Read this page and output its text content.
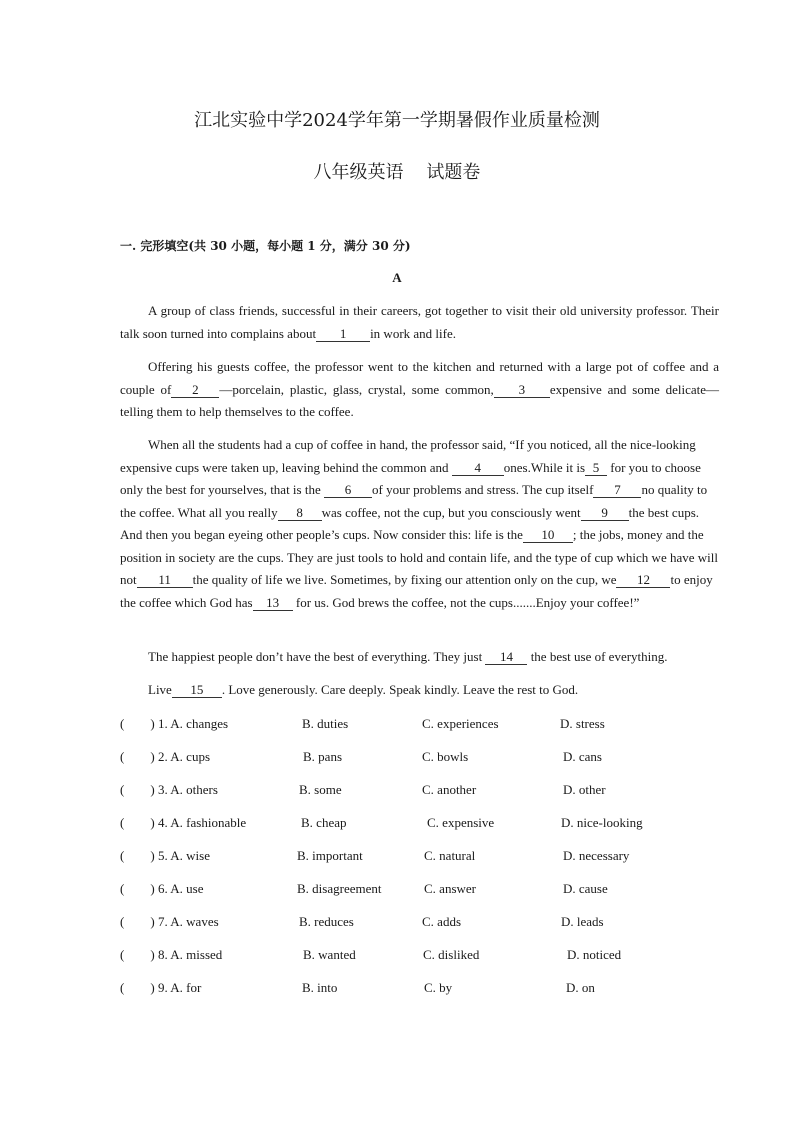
江北实验中学2024学年第一学期暑假作业质量检测
八年级英语    试题卷
一. 完形填空(共 30 小题，每小题 1 分，满分 30 分)
A
A group of class friends, successful in their careers, got together to visit their old university professor. Their talk soon turned into complains about 1 in work and life.
Offering his guests coffee, the professor went to the kitchen and returned with a large pot of coffee and a couple of 2 —porcelain, plastic, glass, crystal, some common, 3 expensive and some delicate—telling them to help themselves to the coffee.
When all the students had a cup of coffee in hand, the professor said, “If you noticed, all the nice-looking expensive cups were taken up, leaving behind the common and 4 ones.While it is 5 for you to choose only the best for yourselves, that is the 6 of your problems and stress. The cup itself 7 no quality to the coffee. What all you really 8 was coffee, not the cup, but you consciously went 9 the best cups. And then you began eyeing other people’s cups. Now consider this: life is the 10 ; the jobs, money and the position in society are the cups. They are just tools to hold and contain life, and the type of cup which we have will not 11 the quality of life we live. Sometimes, by fixing our attention only on the cup, we 12 to enjoy the coffee which God has 13 for us. God brews the coffee, not the cups.......Enjoy your coffee!”
The happiest people don’t have the best of everything. They just 14 the best use of everything.
Live 15 . Love generously. Care deeply. Speak kindly. Leave the rest to God.
(        ) 1. A. changes	B. duties	C. experiences	D. stress
(        ) 2. A. cups	B. pans	C. bowls	D. cans
(        ) 3. A. others	B. some	C. another	D. other
(        ) 4. A. fashionable	B. cheap	C. expensive	D. nice-looking
(        ) 5. A. wise	B. important	C. natural	D. necessary
(        ) 6. A. use	B. disagreement	C. answer	D. cause
(        ) 7. A. waves	B. reduces	C. adds	D. leads
(        ) 8. A. missed	B. wanted	C. disliked	D. noticed
(        ) 9. A. for	B. into	C. by	D. on
